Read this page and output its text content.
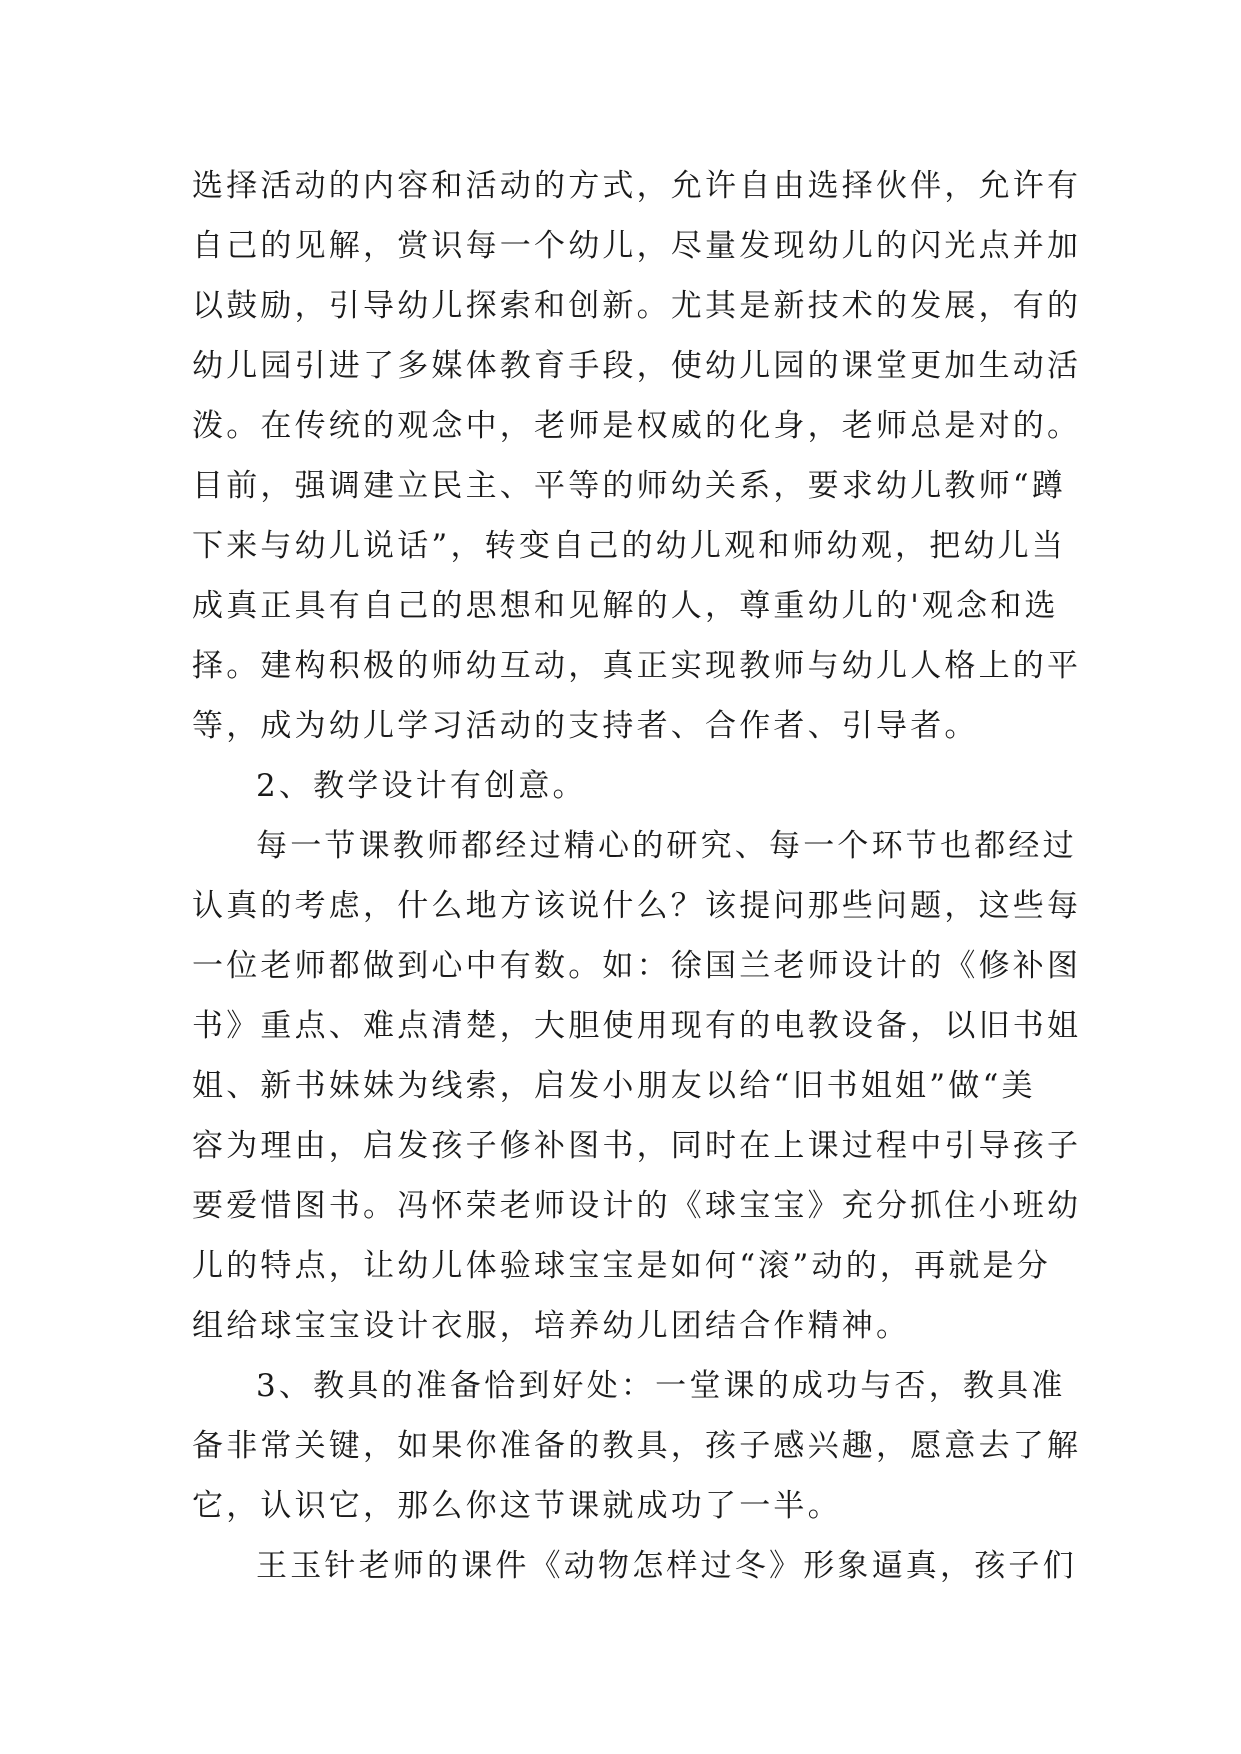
选择活动的内容和活动的方式，允许自由选择伙伴，允许有
自己的见解，赏识每一个幼儿，尽量发现幼儿的闪光点并加
以鼓励，引导幼儿探索和创新。尤其是新技术的发展，有的
幼儿园引进了多媒体教育手段，使幼儿园的课堂更加生动活
泼。在传统的观念中，老师是权威的化身，老师总是对的。
目前，强调建立民主、平等的师幼关系，要求幼儿教师“蹲
下来与幼儿说话”，转变自己的幼儿观和师幼观，把幼儿当
成真正具有自己的思想和见解的人，尊重幼儿的'观念和选
择。建构积极的师幼互动，真正实现教师与幼儿人格上的平
等，成为幼儿学习活动的支持者、合作者、引导者。
2、教学设计有创意。
每一节课教师都经过精心的研究、每一个环节也都经过
认真的考虑，什么地方该说什么？该提问那些问题，这些每
一位老师都做到心中有数。如：徐国兰老师设计的《修补图
书》重点、难点清楚，大胆使用现有的电教设备，以旧书姐
姐、新书妹妹为线索，启发小朋友以给“旧书姐姐”做“美
容为理由，启发孩子修补图书，同时在上课过程中引导孩子
要爱惜图书。冯怀荣老师设计的《球宝宝》充分抓住小班幼
儿的特点，让幼儿体验球宝宝是如何“滚”动的，再就是分
组给球宝宝设计衣服，培养幼儿团结合作精神。
3、教具的准备恰到好处：一堂课的成功与否，教具准
备非常关键，如果你准备的教具，孩子感兴趣，愿意去了解
它，认识它，那么你这节课就成功了一半。
王玉针老师的课件《动物怎样过冬》形象逼真，孩子们
